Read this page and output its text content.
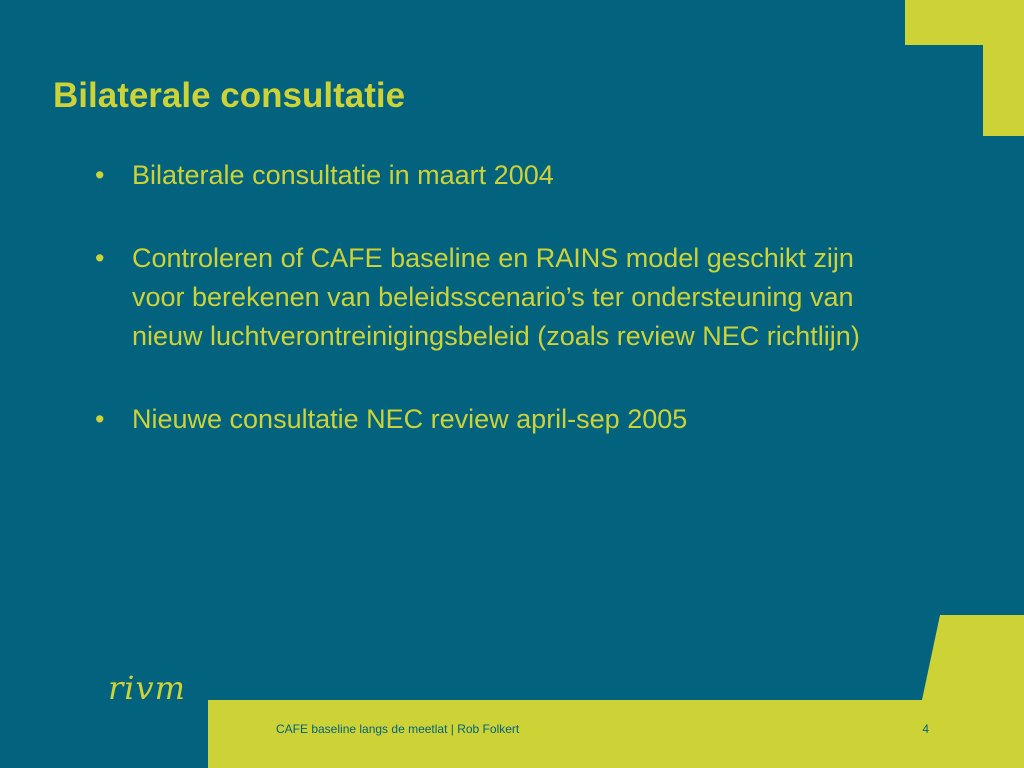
Bilaterale consultatie
•	Bilaterale consultatie in maart 2004
•	Controleren of CAFE baseline en RAINS model geschikt zijn voor berekenen van beleidsscenario’s ter ondersteuning van nieuw luchtverontreinigingsbeleid (zoals review NEC richtlijn)
•	Nieuwe consultatie NEC review april-sep 2005
rivm
CAFE baseline langs de meetlat | Rob Folkert	4
